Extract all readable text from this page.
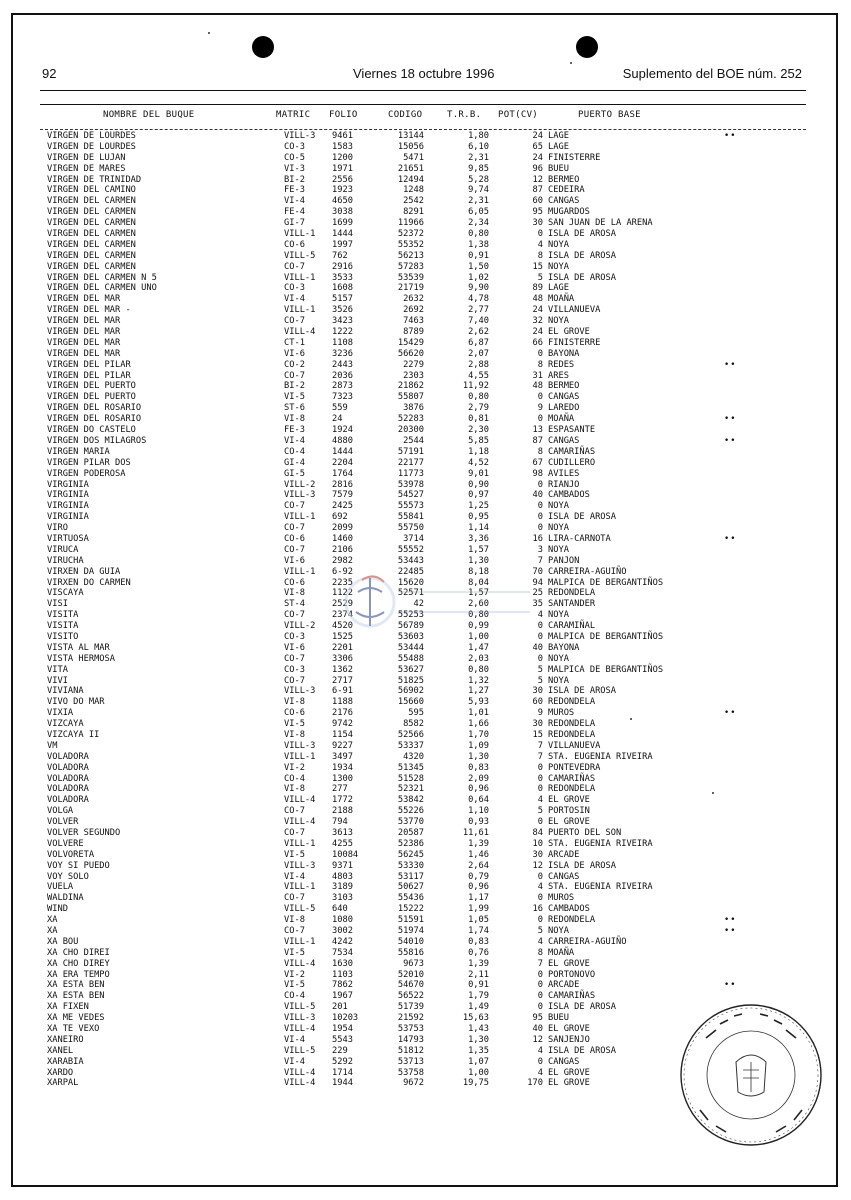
92	Viernes 18 octubre 1996	Suplemento del BOE núm. 252
NOMBRE DEL BUQUE	MATRIC FOLIO	CODIGO	T.R.B. POT(CV)	PUERTO BASE
VIRGEN DE LOURDES	VILL-3 9461	13144	1,80	24 LAGE	••
VIRGEN DE LOURDES	CO-3	1583	15056	6,10	65 LAGE
VIRGEN DE LUJAN	CO-5	1200	5471	2,31	24 FINISTERRE
VIRGEN DE MARES	VI-3	1971	21651	9,85	96 BUEU
VIRGEN DE TRINIDAD	BI-2	2556	12494	5,28	12 BERMEO
VIRGEN DEL CAMINO	FE-3	1923	1248	9,74	87 CEDEIRA
VIRGEN DEL CARMEN	VI-4	4650	2542	2,31	60 CANGAS
VIRGEN DEL CARMEN	FE-4	3038	8291	6,05	95 MUGARDOS
VIRGEN DEL CARMEN	GI-7	1699	11966	2,34	30 SAN JUAN DE LA ARENA
VIRGEN DEL CARMEN	VILL-1 1444	52372	0,80	0 ISLA DE AROSA
VIRGEN DEL CARMEN	CO-6	1997	55352	1,38	4 NOYA
VIRGEN DEL CARMEN	VILL-5 762	56213	0,91	8 ISLA DE AROSA
VIRGEN DEL CARMEN	CO-7	2916	57283	1,50	15 NOYA
VIRGEN DEL CARMEN N 5	VILL-1 3533	53539	1,02	5 ISLA DE AROSA
VIRGEN DEL CARMEN UNO	CO-3	1608	21719	9,90	89 LAGE
VIRGEN DEL MAR	VI-4	5157	2632	4,78	48 MOAÑA
VIRGEN DEL MAR -	VILL-1 3526	2692	2,77	24 VILLANUEVA
VIRGEN DEL MAR	CO-7	3423	7463	7,40	32 NOYA
VIRGEN DEL MAR	VILL-4 1222	8789	2,62	24 EL GROVE
VIRGEN DEL MAR	CT-1	1108	15429	6,87	66 FINISTERRE
VIRGEN DEL MAR	VI-6	3236	56620	2,07	0 BAYONA
VIRGEN DEL PILAR	CO-2	2443	2279	2,88	8 REDES	••
VIRGEN DEL PILAR	CO-7	2036	2303	4,55	31 ARES
VIRGEN DEL PUERTO	BI-2	2873	21862	11,92	48 BERMEO
VIRGEN DEL PUERTO	VI-5	7323	55807	0,80	0 CANGAS
VIRGEN DEL ROSARIO	ST-6	559	3876	2,79	9 LAREDO
VIRGEN DEL ROSARIO	VI-8	24	52283	0,81	0 MOAÑA	••
VIRGEN DO CASTELO	FE-3	1924	20300	2,30	13 ESPASANTE
VIRGEN DOS MILAGROS	VI-4	4880	2544	5,85	87 CANGAS	••
VIRGEN MARIA	CO-4	1444	57191	1,18	8 CAMARIÑAS
VIRGEN PILAR DOS	GI-4	2204	22177	4,52	67 CUDILLERO
VIRGEN PODEROSA	GI-5	1764	11773	9,01	98 AVILES
VIRGINIA	VILL-2 2816	53978	0,90	0 RIANJO
VIRGINIA	VILL-3 7579	54527	0,97	40 CAMBADOS
VIRGINIA	CO-7	2425	55573	1,25	0 NOYA
VIRGINIA	VILL-1 692	55841	0,95	0 ISLA DE AROSA
VIRO	CO-7	2099	55750	1,14	0 NOYA
VIRTUOSA	CO-6	1460	3714	3,36	16 LIRA-CARNOTA	••
VIRUCA	CO-7	2106	55552	1,57	3 NOYA
VIRUCHA	VI-6	2982	53443	1,30	7 PANJON
VIRXEN DA GUIA	VILL-1 6-92	22485	8,18	70 CARREIRA-AGUIÑO
VIRXEN DO CARMEN	CO-6	2235	15620	8,04	94 MALPICA DE BERGANTIÑOS
VISCAYA	VI-8	1122	52571	1,57	25 REDONDELA
VISI	ST-4	2529	42	2,60	35 SANTANDER
VISITA	CO-7	2374	55253	0,80	4 NOYA
VISITA	VILL-2 4520	56789	0,99	0 CARAMIÑAL
VISITO	CO-3	1525	53603	1,00	0 MALPICA DE BERGANTIÑOS
VISTA AL MAR	VI-6	2201	53444	1,47	40 BAYONA
VISTA HERMOSA	CO-7	3306	55488	2,03	0 NOYA
VITA	CO-3	1362	53627	0,80	5 MALPICA DE BERGANTIÑOS
VIVI	CO-7	2717	51825	1,32	5 NOYA
VIVIANA	VILL-3 6-91	56902	1,27	30 ISLA DE AROSA
VIVO DO MAR	VI-8	1188	15660	5,93	60 REDONDELA
VIXIA	CO-6	2176	595	1,01	9 MUROS	••
VIZCAYA	VI-5	9742	8582	1,66	30 REDONDELA
VIZCAYA II	VI-8	1154	52566	1,70	15 REDONDELA
VM	VILL-3 9227	53337	1,09	7 VILLANUEVA
VOLADORA	VILL-1 3497	4320	1,30	7 STA. EUGENIA RIVEIRA
VOLADORA	VI-2	1934	51345	0,83	0 PONTEVEDRA
VOLADORA	CO-4	1300	51528	2,09	0 CAMARIÑAS
VOLADORA	VI-8	277	52321	0,96	0 REDONDELA
VOLADORA	VILL-4 1772	53842	0,64	4 EL GROVE
VOLGA	CO-7	2188	55226	1,10	5 PORTOSIN
VOLVER	VILL-4 794	53770	0,93	0 EL GROVE
VOLVER SEGUNDO	CO-7	3613	20587	11,61	84 PUERTO DEL SON
VOLVERE	VILL-1 4255	52386	1,39	10 STA. EUGENIA RIVEIRA
VOLVORETA	VI-5	10084	56245	1,46	30 ARCADE
VOY SI PUEDO	VILL-3 9371	53330	2,64	12 ISLA DE AROSA
VOY SOLO	VI-4	4803	53117	0,79	0 CANGAS
VUELA	VILL-1 3189	50627	0,96	4 STA. EUGENIA RIVEIRA
WALDINA	CO-7	3103	55436	1,17	0 MUROS
WIND	VILL-5 640	15222	1,99	16 CAMBADOS
XA	VI-8	1080	51591	1,05	0 REDONDELA	••
XA	CO-7	3002	51974	1,74	5 NOYA	••
XA BOU	VILL-1 4242	54010	0,83	4 CARREIRA-AGUIÑO
XA CHO DIREI	VI-5	7534	55816	0,76	8 MOAÑA
XA CHO DIREY	VILL-4 1630	9673	1,39	7 EL GROVE
XA ERA TEMPO	VI-2	1103	52010	2,11	0 PORTONOVO
XA ESTA BEN	VI-5	7862	54670	0,91	0 ARCADE	••
XA ESTA BEN	CO-4	1967	56522	1,79	0 CAMARIÑAS
XA FIXEN	VILL-5 201	51739	1,49	0 ISLA DE AROSA
XA ME VEDES	VILL-3 10203	21592	15,63	95 BUEU
XA TE VEXO	VILL-4 1954	53753	1,43	40 EL GROVE
XANEIRO	VI-4	5543	14793	1,30	12 SANJENJO
XANEL	VILL-5 229	51812	1,35	4 ISLA DE AROSA
XARABIA	VI-4	5292	53713	1,07	0 CANGAS
XARDO	VILL-4 1714	53758	1,00	4 EL GROVE
XARPAL	VILL-4 1944	9672	19,75	170 EL GROVE
